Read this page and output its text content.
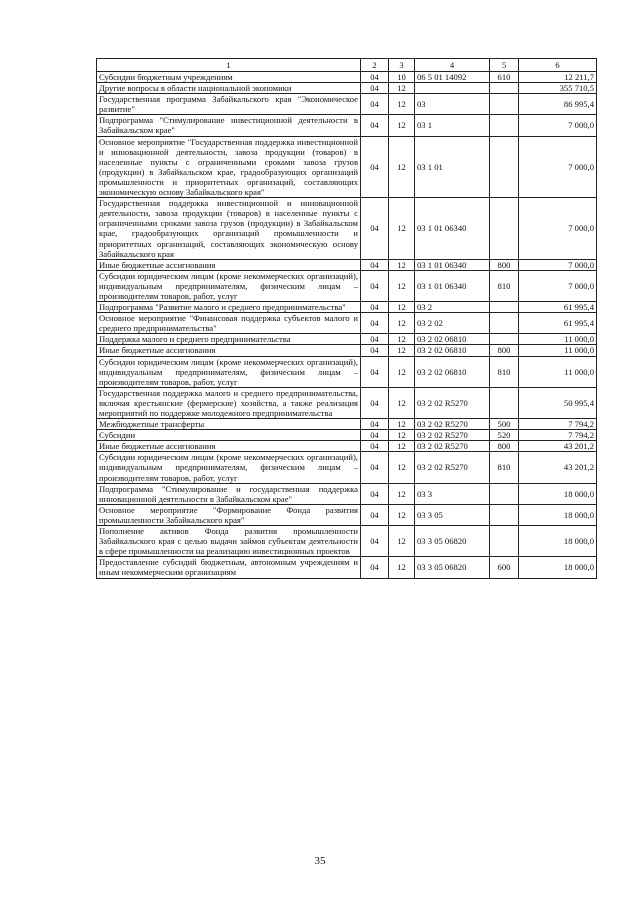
1	2	3	4	5	6
Субсидии бюджетным учреждениям	04	10	06 5 01 14092	610	12 211,7
Другие вопросы в области национальной экономики	04	12			355 710,5
Государственная программа Забайкальского края "Экономическое развитие"	04	12	03		86 995,4
Подпрограмма "Стимулирование инвестиционной деятельности в Забайкальском крае"	04	12	03 1		7 000,0
Основное мероприятие "Государственная поддержка инвестиционной и инновационной деятельности, завоза продукции (товаров) в населенные пункты с ограниченными сроками завоза грузов (продукции) в Забайкальском крае, градообразующих организаций промышленности и приоритетных организаций, составляющих экономическую основу Забайкальского края"	04	12	03 1 01		7 000,0
Государственная поддержка инвестиционной и инновационной деятельности, завоза продукции (товаров) в населенные пункты с ограниченными сроками завоза грузов (продукции) в Забайкальском крае, градообразующих организаций промышленности и приоритетных организаций, составляющих экономическую основу Забайкальского края	04	12	03 1 01 06340		7 000,0
Иные бюджетные ассигнования	04	12	03 1 01 06340	800	7 000,0
Субсидии юридическим лицам (кроме некоммерческих организаций), индивидуальным предпринимателям, физическим лицам – производителям товаров, работ, услуг	04	12	03 1 01 06340	810	7 000,0
Подпрограмма "Развитие малого и среднего предпринимательства"	04	12	03 2		61 995,4
Основное мероприятие "Финансовая поддержка субъектов малого и среднего предпринимательства"	04	12	03 2 02		61 995,4
Поддержка малого и среднего предпринимательства	04	12	03 2 02 06810		11 000,0
Иные бюджетные ассигнования	04	12	03 2 02 06810	800	11 000,0
Субсидии юридическим лицам (кроме некоммерческих организаций), индивидуальным предпринимателям, физическим лицам – производителям товаров, работ, услуг	04	12	03 2 02 06810	810	11 000,0
Государственная поддержка малого и среднего предпринимательства, включая крестьянские (фермерские) хозяйства, а также реализация мероприятий по поддержке молодежного предпринимательства	04	12	03 2 02 R5270		50 995,4
Межбюджетные трансферты	04	12	03 2 02 R5270	500	7 794,2
Субсидии	04	12	03 2 02 R5270	520	7 794,2
Иные бюджетные ассигнования	04	12	03 2 02 R5270	800	43 201,2
Субсидии юридическим лицам (кроме некоммерческих организаций), индивидуальным предпринимателям, физическим лицам – производителям товаров, работ, услуг	04	12	03 2 02 R5270	810	43 201,2
Подпрограмма "Стимулирование и государственная поддержка инновационной деятельности в Забайкальском крае"	04	12	03 3		18 000,0
Основное мероприятие "Формирование Фонда развития промышленности Забайкальского края"	04	12	03 3 05		18 000,0
Пополнение активов Фонда развития промышленности Забайкальского края с целью выдачи займов субъектам деятельности в сфере промышленности на реализацию инвестиционных проектов	04	12	03 3 05 06820		18 000,0
Предоставление субсидий бюджетным, автономным учреждениям и иным некоммерческим организациям	04	12	03 3 05 06820	600	18 000,0
35
